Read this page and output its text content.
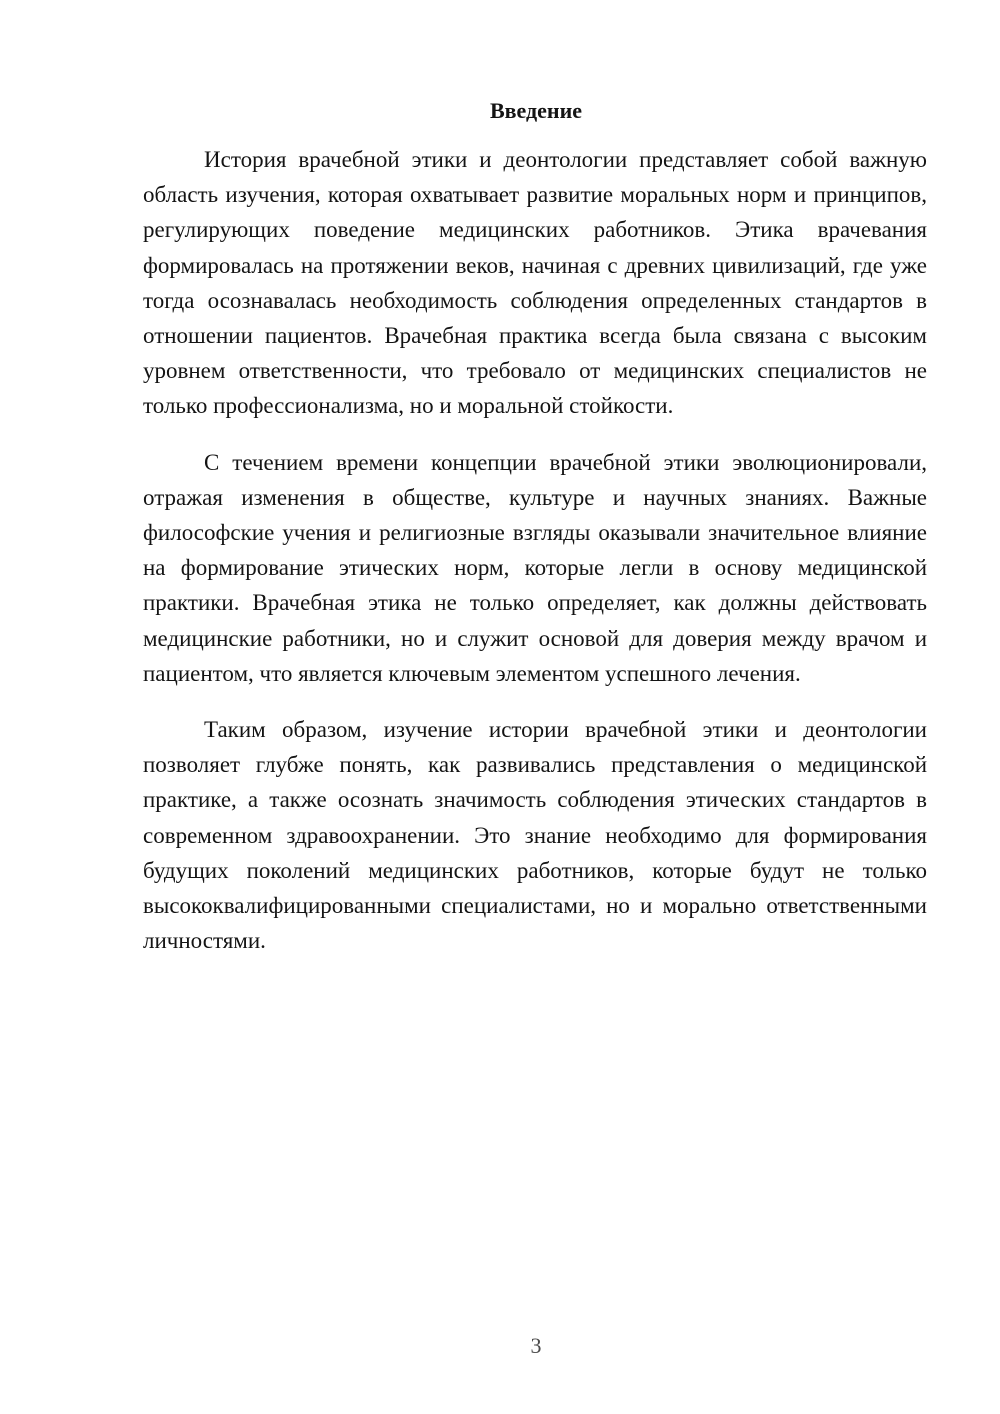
Введение

История врачебной этики и деонтологии представляет собой важную область изучения, которая охватывает развитие моральных норм и принципов, регулирующих поведение медицинских работников. Этика врачевания формировалась на протяжении веков, начиная с древних цивилизаций, где уже тогда осознавалась необходимость соблюдения определенных стандартов в отношении пациентов. Врачебная практика всегда была связана с высоким уровнем ответственности, что требовало от медицинских специалистов не только профессионализма, но и моральной стойкости.

С течением времени концепции врачебной этики эволюционировали, отражая изменения в обществе, культуре и научных знаниях. Важные философские учения и религиозные взгляды оказывали значительное влияние на формирование этических норм, которые легли в основу медицинской практики. Врачебная этика не только определяет, как должны действовать медицинские работники, но и служит основой для доверия между врачом и пациентом, что является ключевым элементом успешного лечения.

Таким образом, изучение истории врачебной этики и деонтологии позволяет глубже понять, как развивались представления о медицинской практике, а также осознать значимость соблюдения этических стандартов в современном здравоохранении. Это знание необходимо для формирования будущих поколений медицинских работников, которые будут не только высококвалифицированными специалистами, но и морально ответственными личностями.

3
